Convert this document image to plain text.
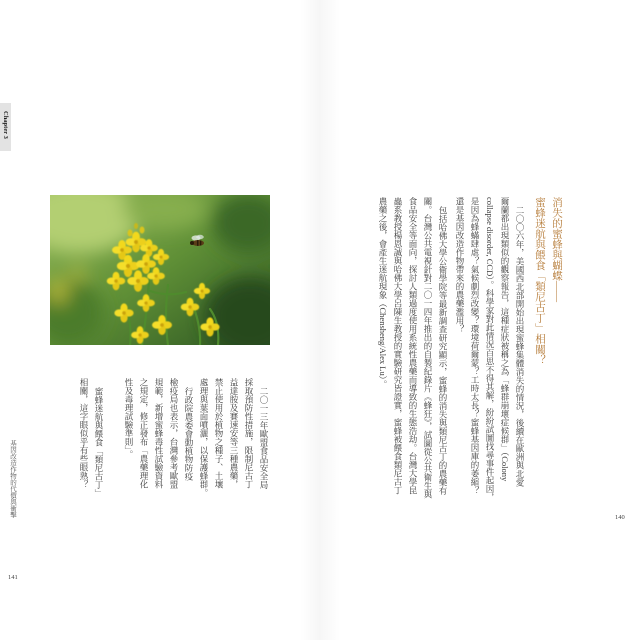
Chapter 3
基因改造作物的代價與衝擊
141
二〇一三年歐盟食品安全局
採取預防性措施，限制尼古丁
益達胺及賽速安等三種農藥，
禁止使用於植物之種子、土壤
處理與葉面噴灑，以保護蜂群。
行政院農委會動植物防疫
檢疫局也表示，台灣參考歐盟
規範，新增蜜蜂毒性試驗資料
之規定，修正發布「農藥理化
性及毒理試驗準則」。
蜜蜂迷航與餵食「類尼古丁」
相關，這字眼似乎有些眼熟？
消失的蜜蜂與蝴蝶——
蜜蜂迷航與餵食「類尼古丁」相關？
二〇〇六年，美國西北部開始出現蜜蜂集體消失的情況，後續在歐洲與北愛
爾蘭都出現類似的觀察報告，這種症狀被稱之為「蜂群崩壞症候群」（Colony
collapse disorder, CCD）。科學家對此情況百思不得其解，紛紛試圖找尋事件起因，
是因為蜂蟎肆虐？氣候劇烈改變？環境荷爾蒙？工時太長？蜜蜂基因庫的萎縮？
還是基因改造作物帶來的農藥濫用？
包括哈佛大學公衛學院等最新調查研究顯示，蜜蜂的消失與類尼古丁的農藥有
關。台灣公共電視針對二〇一四年推出的自製紀錄片《蜂狂》，試圖從公共衛生與
食品安全等面向，探討人類過度使用系統性農藥而導致的生態浩劫。台灣大學昆
蟲系教授楊恩誠與哈佛大學呂陳生教授的實驗研究皆證實，蜜蜂被餵食類尼古丁
農藥之後，會產生迷航現象（Chensheng/Alex Lu）。
140
